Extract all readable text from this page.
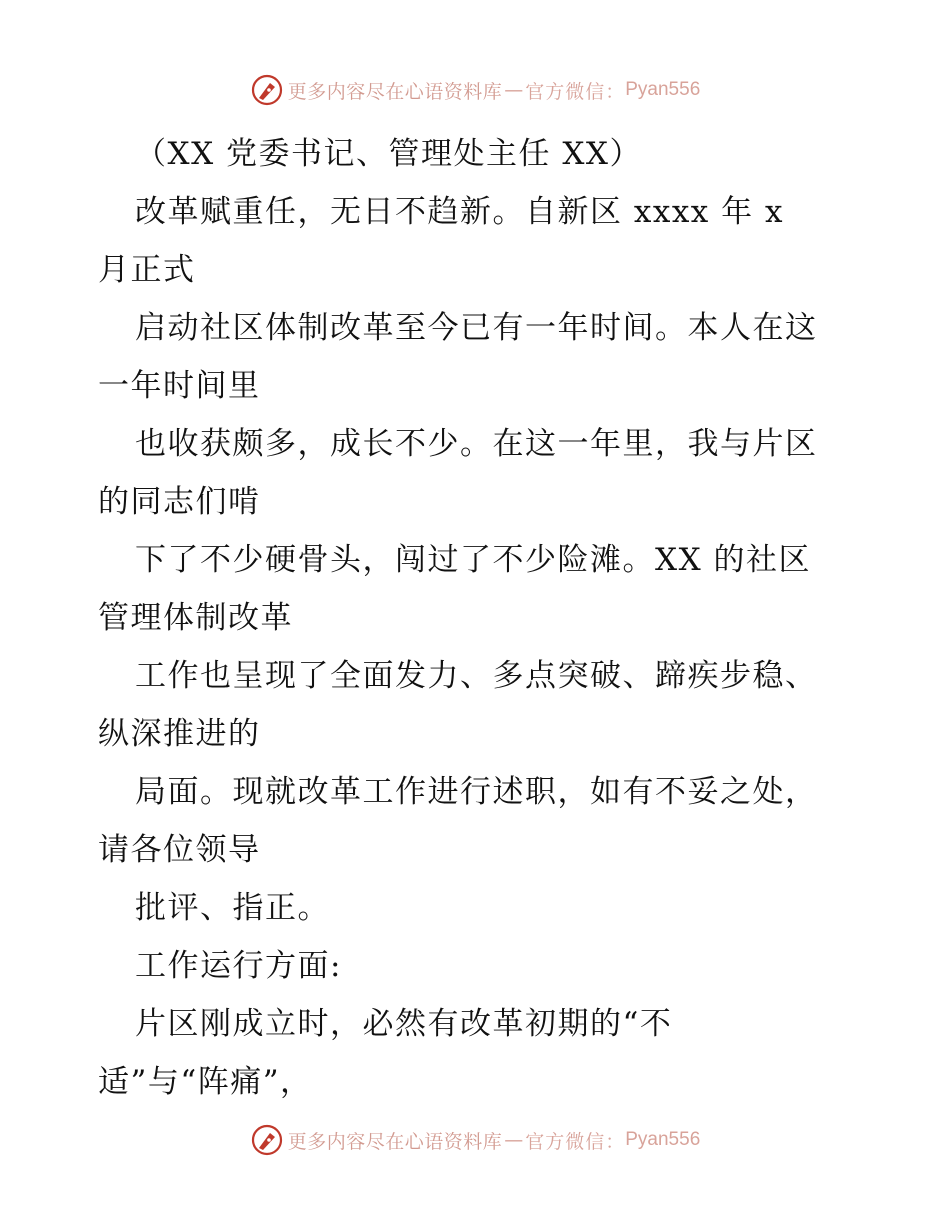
更多内容尽在心语资料库 — 官方微信： Pyan556
（XX 党委书记、管理处主任 XX）
改革赋重任，无日不趋新。自新区 xxxx 年 x
月正式
启动社区体制改革至今已有一年时间。本人在这
一年时间里
也收获颇多，成长不少。在这一年里，我与片区
的同志们啃
下了不少硬骨头，闯过了不少险滩。XX 的社区
管理体制改革
工作也呈现了全面发力、多点突破、蹄疾步稳、
纵深推进的
局面。现就改革工作进行述职，如有不妥之处，
请各位领导
批评、指正。
工作运行方面:
片区刚成立时，必然有改革初期的“不
适”与“阵痛”，
更多内容尽在心语资料库 — 官方微信： Pyan556
